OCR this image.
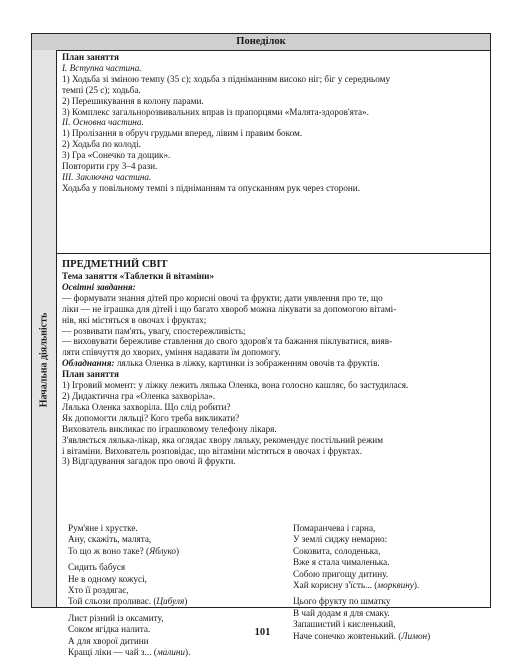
Понеділок
Начальна діяльність
План заняття
I. Вступна частина.
1) Ходьба зі зміною темпу (35 с); ходьба з підніманням високо ніг; біг у середньому
темпі (25 с); ходьба.
2) Перешикування в колону парами.
3) Комплекс загальнорозвивальних вправ із прапорцями «Малята-здоров'ята».
II. Основна частина.
1) Пролізання в обруч грудьми вперед, лівим і правим боком.
2) Ходьба по колоді.
3) Гра «Сонечко та дощик».
Повторити гру 3–4 рази.
III. Заключна частина.
Ходьба у повільному темпі з підніманням та опусканням рук через сторони.
ПРЕДМЕТНИЙ СВІТ
Тема заняття «Таблетки й вітаміни»
Освітні завдання:
— формувати знання дітей про корисні овочі та фрукти; дати уявлення про те, що
ліки — не іграшка для дітей і що багато хвороб можна лікувати за допомогою вітамі-
нів, які містяться в овочах і фруктах;
— розвивати пам'ять, увагу, спостережливість;
— виховувати бережливе ставлення до свого здоров'я та бажання піклуватися, вияв-
ляти співчуття до хворих, уміння надавати їм допомогу.
Обладнання: лялька Оленка в ліжку, картинки із зображенням овочів та фруктів.
План заняття
1) Ігровий момент: у ліжку лежить лялька Оленка, вона голосно кашляє, бо застудилася.
2) Дидактична гра «Оленка захворіла».
Лялька Оленка захворіла. Що слід робити?
Як допомогти ляльці? Кого треба викликати?
Вихователь викликає по іграшковому телефону лікаря.
З'являється лялька-лікар, яка оглядає хвору ляльку, рекомендує постільний режим
і вітаміни. Вихователь розповідає, що вітаміни містяться в овочах і фруктах.
3) Відгадування загадок про овочі й фрукти.
Рум'яне і хрустке.
Ану, скажіть, малята,
То що ж воно таке? (Яблуко)
Сидить бабуся
Не в одному кожусі,
Хто її роздягає,
Той сльози проливає. (Цибуля)
Лист різний із оксамиту,
Соком ягідка налита.
А для хворої дитини
Кращі ліки — чай з... (малини).
Помаранчева і гарна,
У землі сиджу немарно:
Соковита, солоденька,
Вже я стала чималенька.
Собою пригощу дитину.
Хай корисну з'їсть... (морквину).
Цього фрукту по шматку
В чай додам я для смаку.
Запашистий і кисленький,
Наче сонечко жовтенький. (Лимон)
101
